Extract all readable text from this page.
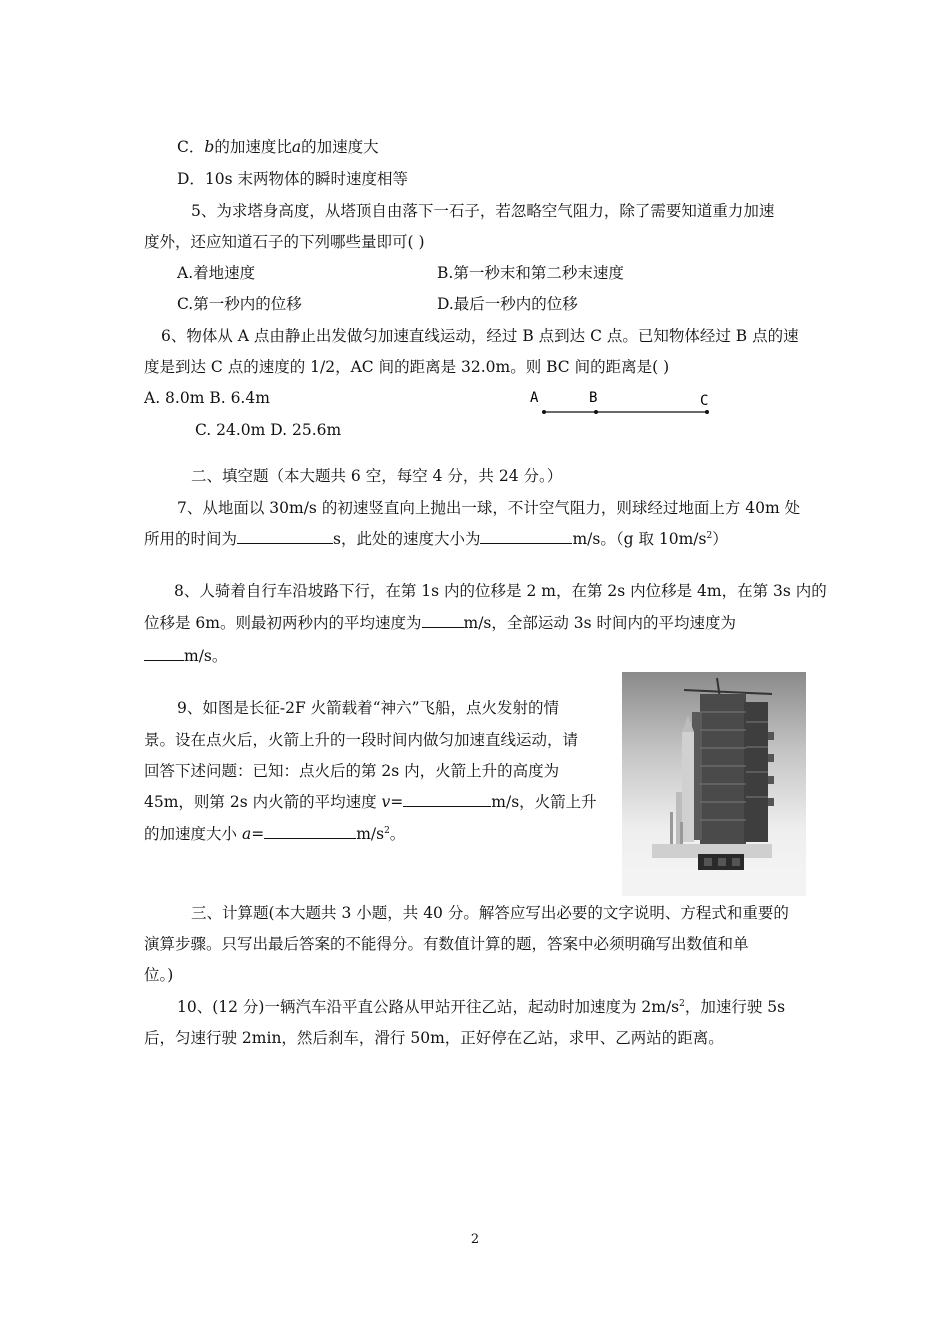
C．b的加速度比a的加速度大
D．10s 末两物体的瞬时速度相等
5、为求塔身高度，从塔顶自由落下一石子，若忽略空气阻力，除了需要知道重力加速
度外，还应知道石子的下列哪些量即可( )
A.着地速度	B.第一秒末和第二秒末速度
C.第一秒内的位移	D.最后一秒内的位移
6、物体从 A 点由静止出发做匀加速直线运动，经过 B 点到达 C 点。已知物体经过 B 点的速
度是到达 C 点的速度的 1/2，AC 间的距离是 32.0m。则 BC 间的距离是( )
A. 8.0m B. 6.4m
C. 24.0m D. 25.6m
A	B	C
二、填空题（本大题共 6 空，每空 4 分，共 24 分。）
7、从地面以 30m/s 的初速竖直向上抛出一球，不计空气阻力，则球经过地面上方 40m 处
所用的时间为	s，此处的速度大小为	m/s。（g 取 $10m/s^2$）
8、人骑着自行车沿坡路下行，在第 1s 内的位移是 2 m，在第 2s 内位移是 4m，在第 3s 内的
位移是 6m。则最初两秒内的平均速度为	m/s，全部运动 3s 时间内的平均速度为
m/s。
9、如图是长征-2F 火箭载着“神六”飞船，点火发射的情
景。设在点火后，火箭上升的一段时间内做匀加速直线运动，请
回答下述问题：已知：点火后的第 2s 内，火箭上升的高度为
45m，则第 2s 内火箭的平均速度 v=	m/s，火箭上升
的加速度大小 a=	$m/s^2$。
三、计算题(本大题共 3 小题，共 40 分。解答应写出必要的文字说明、方程式和重要的
演算步骤。只写出最后答案的不能得分。有数值计算的题，答案中必须明确写出数值和单
位。)
10、(12 分)一辆汽车沿平直公路从甲站开往乙站，起动时加速度为 $2m/s^2$，加速行驶 5s
后，匀速行驶 2min，然后刹车，滑行 50m，正好停在乙站，求甲、乙两站的距离。
2
